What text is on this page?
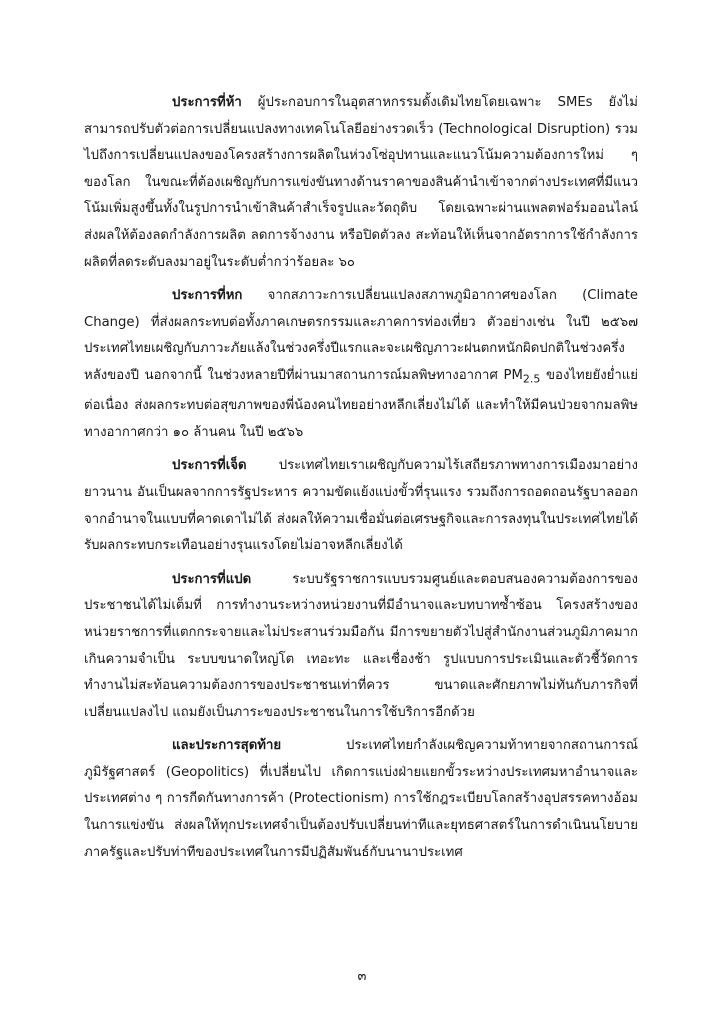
ประการที่ห้า ผู้ประกอบการในอุตสาหกรรมดั้งเดิมไทยโดยเฉพาะ SMEs ยังไม่สามารถปรับตัวต่อการเปลี่ยนแปลงทางเทคโนโลยีอย่างรวดเร็ว (Technological Disruption) รวมไปถึงการเปลี่ยนแปลงของโครงสร้างการผลิตในห่วงโซ่อุปทานและแนวโน้มความต้องการใหม่ ๆ ของโลก ในขณะที่ต้องเผชิญกับการแข่งขันทางด้านราคาของสินค้านำเข้าจากต่างประเทศที่มีแนวโน้มเพิ่มสูงขึ้นทั้งในรูปการนำเข้าสินค้าสำเร็จรูปและวัตถุดิบ โดยเฉพาะผ่านแพลตฟอร์มออนไลน์ ส่งผลให้ต้องลดกำลังการผลิต ลดการจ้างงาน หรือปิดตัวลง สะท้อนให้เห็นจากอัตราการใช้กำลังการผลิตที่ลดระดับลงมาอยู่ในระดับต่ำกว่าร้อยละ ๖๐

ประการที่หก จากสภาวะการเปลี่ยนแปลงสภาพภูมิอากาศของโลก (Climate Change) ที่ส่งผลกระทบต่อทั้งภาคเกษตรกรรมและภาคการท่องเที่ยว ตัวอย่างเช่น ในปี ๒๕๖๗ ประเทศไทยเผชิญกับภาวะภัยแล้งในช่วงครึ่งปีแรกและจะเผชิญภาวะฝนตกหนักผิดปกติในช่วงครึ่งหลังของปี นอกจากนี้ ในช่วงหลายปีที่ผ่านมาสถานการณ์มลพิษทางอากาศ $PM_{2.5}$ ของไทยยังย่ำแย่ต่อเนื่อง ส่งผลกระทบต่อสุขภาพของพี่น้องคนไทยอย่างหลีกเลี่ยงไม่ได้ และทำให้มีคนป่วยจากมลพิษทางอากาศกว่า ๑๐ ล้านคน ในปี ๒๕๖๖

ประการที่เจ็ด ประเทศไทยเราเผชิญกับความไร้เสถียรภาพทางการเมืองมาอย่างยาวนาน อันเป็นผลจากการรัฐประหาร ความขัดแย้งแบ่งขั้วที่รุนแรง รวมถึงการถอดถอนรัฐบาลออกจากอำนาจในแบบที่คาดเดาไม่ได้ ส่งผลให้ความเชื่อมั่นต่อเศรษฐกิจและการลงทุนในประเทศไทยได้รับผลกระทบกระเทือนอย่างรุนแรงโดยไม่อาจหลีกเลี่ยงได้

ประการที่แปด	ระบบรัฐราชการแบบรวมศูนย์และตอบสนองความต้องการของประชาชนได้ไม่เต็มที่ การทำงานระหว่างหน่วยงานที่มีอำนาจและบทบาทซ้ำซ้อน โครงสร้างของหน่วยราชการที่แตกกระจายและไม่ประสานร่วมมือกัน มีการขยายตัวไปสู่สำนักงานส่วนภูมิภาคมากเกินความจำเป็น ระบบขนาดใหญ่โต เทอะทะ และเชื่องช้า รูปแบบการประเมินและตัวชี้วัดการทำงานไม่สะท้อนความต้องการของประชาชนเท่าที่ควร ขนาดและศักยภาพไม่ทันกับภารกิจที่เปลี่ยนแปลงไป แถมยังเป็นภาระของประชาชนในการใช้บริการอีกด้วย

และประการสุดท้าย	ประเทศไทยกำลังเผชิญความท้าทายจากสถานการณ์ภูมิรัฐศาสตร์ (Geopolitics) ที่เปลี่ยนไป เกิดการแบ่งฝ่ายแยกขั้วระหว่างประเทศมหาอำนาจและประเทศต่าง ๆ การกีดกันทางการค้า (Protectionism) การใช้กฎระเบียบโลกสร้างอุปสรรคทางอ้อมในการแข่งขัน ส่งผลให้ทุกประเทศจำเป็นต้องปรับเปลี่ยนท่าทีและยุทธศาสตร์ในการดำเนินนโยบายภาครัฐและปรับท่าทีของประเทศในการมีปฏิสัมพันธ์กับนานาประเทศ

๓
